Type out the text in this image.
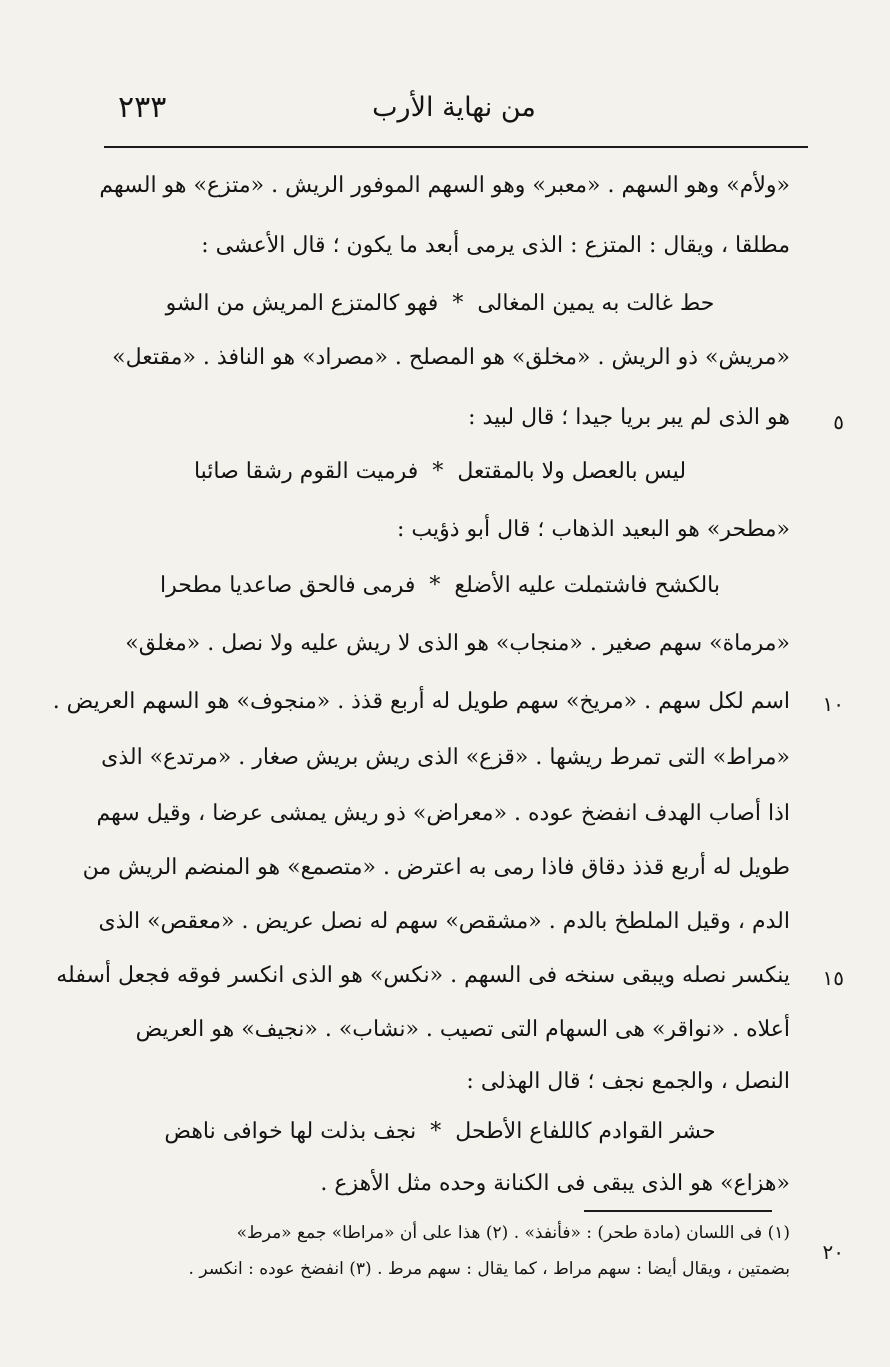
من نهاية الأرب
٢٣٣
«ولأم» وهو السهم . «معبر» وهو السهم الموفور الريش . «متزع» هو السهم
مطلقا ، ويقال : المتزع : الذى يرمى أبعد ما يكون ؛ قال الأعشى :
فهو كالمتزع المريش من الشو * حط غالت به يمين المغالى
«مريش» ذو الريش . «مخلق» هو المصلح . «مصراد» هو النافذ . «مقتعل»
هو الذى لم يبر بريا جيدا ؛ قال لبيد :	٥
فرميت القوم رشقا صائبا * ليس بالعصل ولا بالمقتعل
«مطحر» هو البعيد الذهاب ؛ قال أبو ذؤيب :
فرمى فالحق صاعديا مطحرا * بالكشح فاشتملت عليه الأضلع
«مرماة» سهم صغير . «منجاب» هو الذى لا ريش عليه ولا نصل . «مغلق»
اسم لكل سهم . «مريخ» سهم طويل له أربع قذذ . «منجوف» هو السهم العريض .	١٠
«مراط» التى تمرط ريشها . «قزع» الذى ريش بريش صغار . «مرتدع» الذى
اذا أصاب الهدف انفضخ عوده . «معراض» ذو ريش يمشى عرضا ، وقيل سهم
طويل له أربع قذذ دقاق فاذا رمى به اعترض . «متصمع» هو المنضم الريش من
الدم ، وقيل الملطخ بالدم . «مشقص» سهم له نصل عريض . «معقص» الذى
ينكسر نصله ويبقى سنخه فى السهم . «نكس» هو الذى انكسر فوقه فجعل أسفله	١٥
أعلاه . «نواقر» هى السهام التى تصيب . «نشاب» . «نجيف» هو العريض
النصل ، والجمع نجف ؛ قال الهذلى :
نجف بذلت لها خوافى ناهض * حشر القوادم كاللفاع الأطحل
«هزاع» هو الذى يبقى فى الكنانة وحده مثل الأهزع .
(١) فى اللسان (مادة طحر) : «فأنفذ» . (٢) هذا على أن «مراطا» جمع «مرط»
٢٠
بضمتين ، ويقال أيضا : سهم مراط ، كما يقال : سهم مرط . (٣) انفضخ عوده : انكسر .
